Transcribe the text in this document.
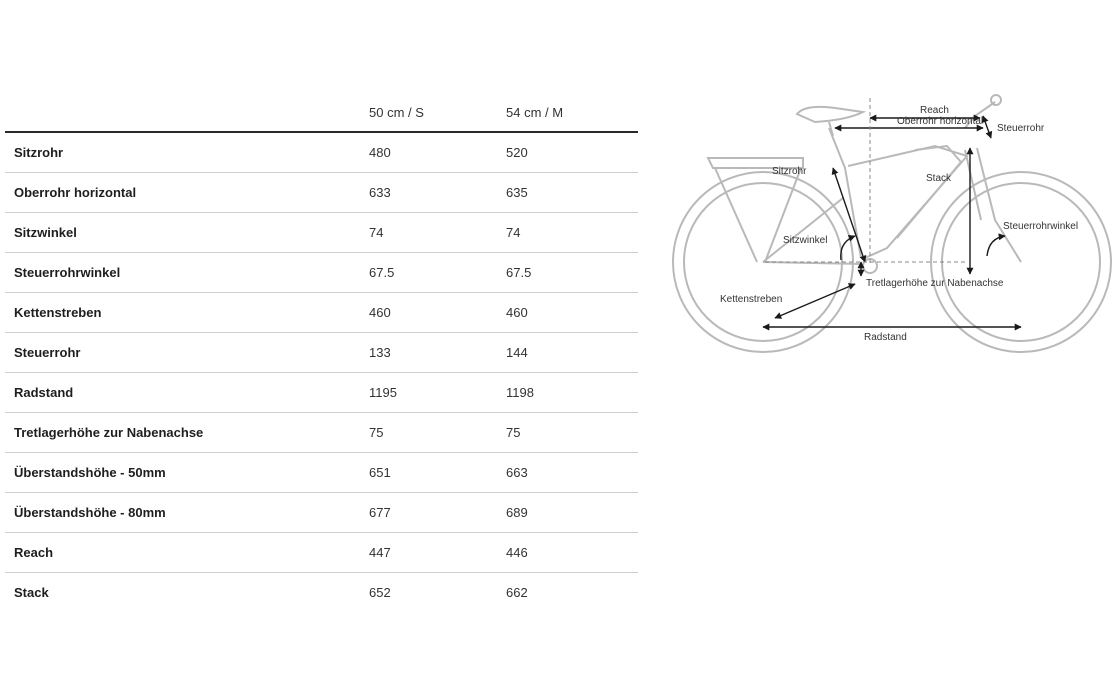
	50 cm / S	54 cm / M
Sitzrohr	480	520
Oberrohr horizontal	633	635
Sitzwinkel	74	74
Steuerrohrwinkel	67.5	67.5
Kettenstreben	460	460
Steuerrohr	133	144
Radstand	1195	1198
Tretlagerhöhe zur Nabenachse	75	75
Überstandshöhe - 50mm	651	663
Überstandshöhe - 80mm	677	689
Reach	447	446
Stack	652	662
Reach
Oberrohr horizontal
Steuerrohr
Sitzrohr
Stack
Steuerrohrwinkel
Sitzwinkel
Tretlagerhöhe zur Nabenachse
Kettenstreben
Radstand
